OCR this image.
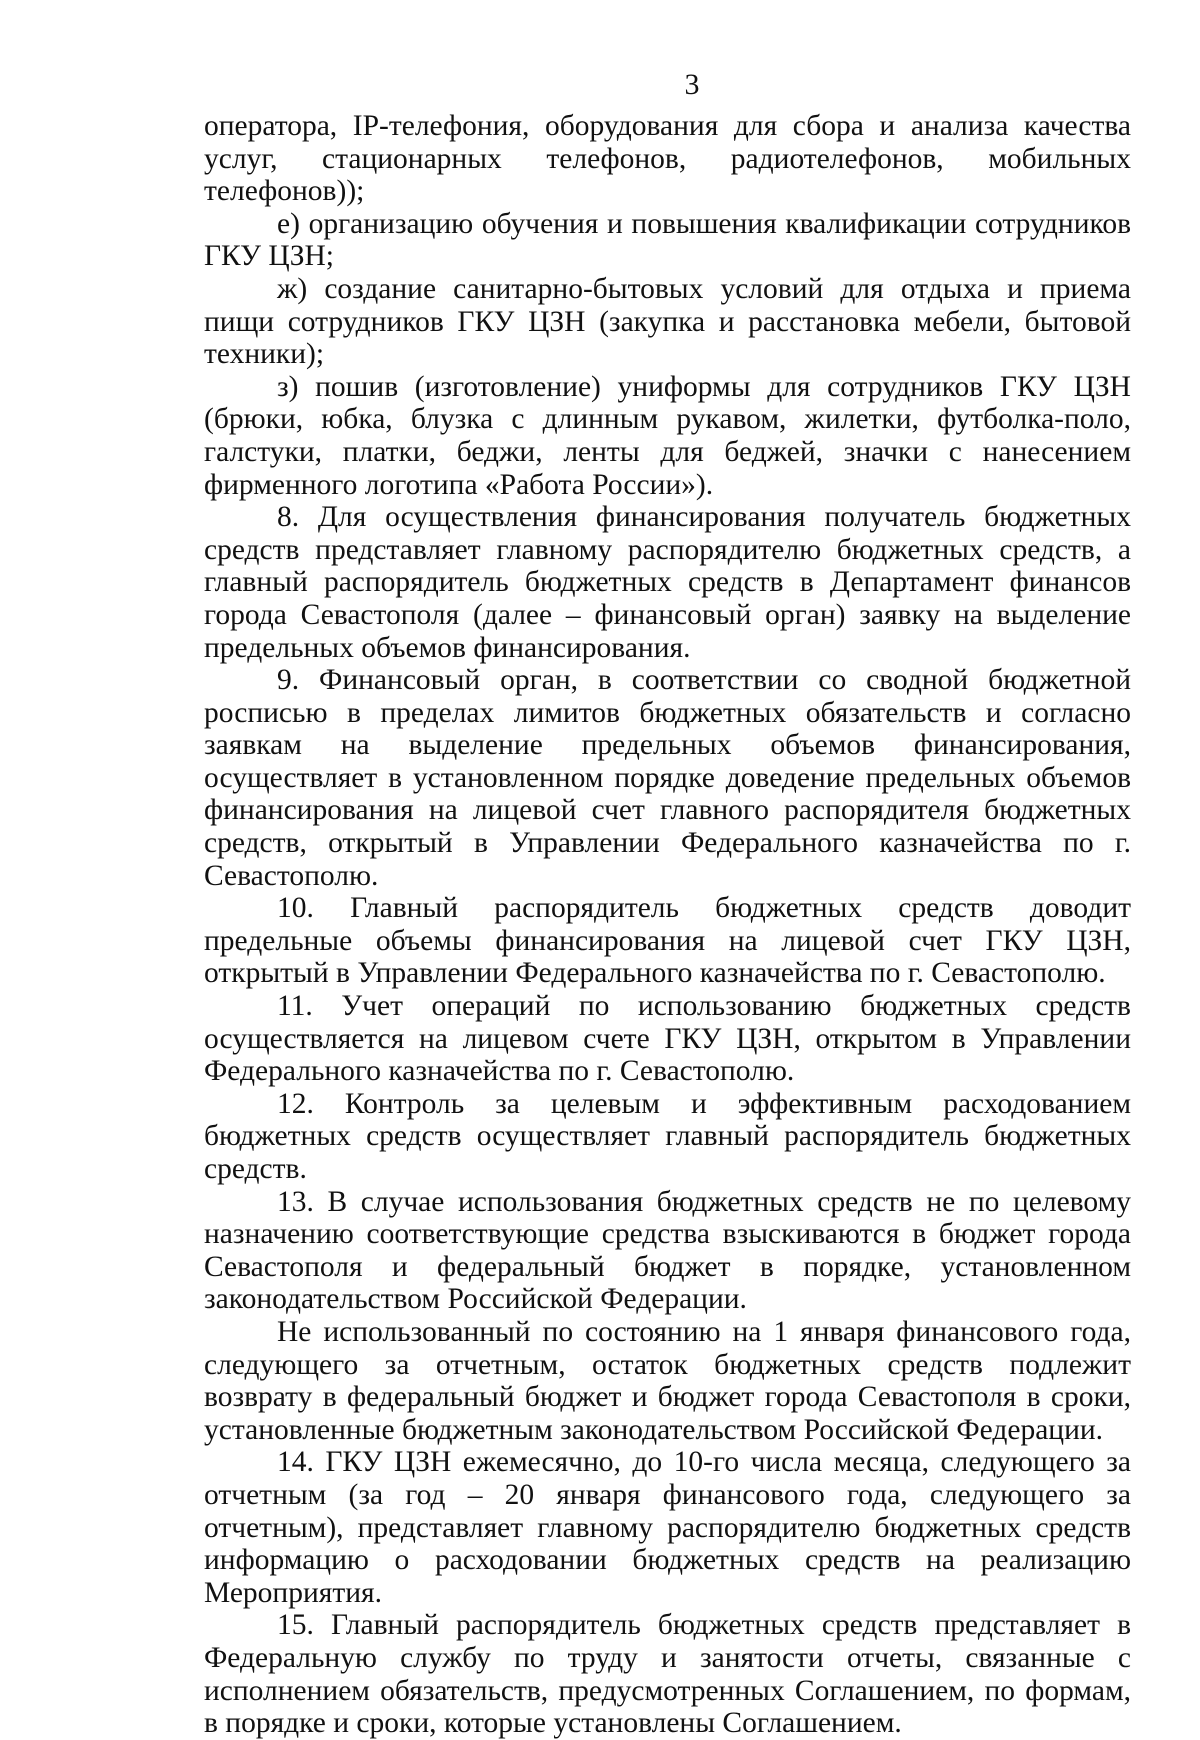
3

оператора, IP-телефония, оборудования для сбора и анализа качества услуг, стационарных телефонов, радиотелефонов, мобильных телефонов));

е) организацию обучения и повышения квалификации сотрудников ГКУ ЦЗН;

ж) создание санитарно-бытовых условий для отдыха и приема пищи сотрудников ГКУ ЦЗН (закупка и расстановка мебели, бытовой техники);

з) пошив (изготовление) униформы для сотрудников ГКУ ЦЗН (брюки, юбка, блузка с длинным рукавом, жилетки, футболка-поло, галстуки, платки, беджи, ленты для беджей, значки с нанесением фирменного логотипа «Работа России»).

8. Для осуществления финансирования получатель бюджетных средств представляет главному распорядителю бюджетных средств, а главный распорядитель бюджетных средств в Департамент финансов города Севастополя (далее – финансовый орган) заявку на выделение предельных объемов финансирования.

9. Финансовый орган, в соответствии со сводной бюджетной росписью в пределах лимитов бюджетных обязательств и согласно заявкам на выделение предельных объемов финансирования, осуществляет в установленном порядке доведение предельных объемов финансирования на лицевой счет главного распорядителя бюджетных средств, открытый в Управлении Федерального казначейства по г. Севастополю.

10. Главный распорядитель бюджетных средств доводит предельные объемы финансирования на лицевой счет ГКУ ЦЗН, открытый в Управлении Федерального казначейства по г. Севастополю.

11. Учет операций по использованию бюджетных средств осуществляется на лицевом счете ГКУ ЦЗН, открытом в Управлении Федерального казначейства по г. Севастополю.

12. Контроль за целевым и эффективным расходованием бюджетных средств осуществляет главный распорядитель бюджетных средств.

13. В случае использования бюджетных средств не по целевому назначению соответствующие средства взыскиваются в бюджет города Севастополя и федеральный бюджет в порядке, установленном законодательством Российской Федерации.

Не использованный по состоянию на 1 января финансового года, следующего за отчетным, остаток бюджетных средств подлежит возврату в федеральный бюджет и бюджет города Севастополя в сроки, установленные бюджетным законодательством Российской Федерации.

14. ГКУ ЦЗН ежемесячно, до 10-го числа месяца, следующего за отчетным (за год – 20 января финансового года, следующего за отчетным), представляет главному распорядителю бюджетных средств информацию о расходовании бюджетных средств на реализацию Мероприятия.

15. Главный распорядитель бюджетных средств представляет в Федеральную службу по труду и занятости отчеты, связанные с исполнением обязательств, предусмотренных Соглашением, по формам, в порядке и сроки, которые установлены Соглашением.
